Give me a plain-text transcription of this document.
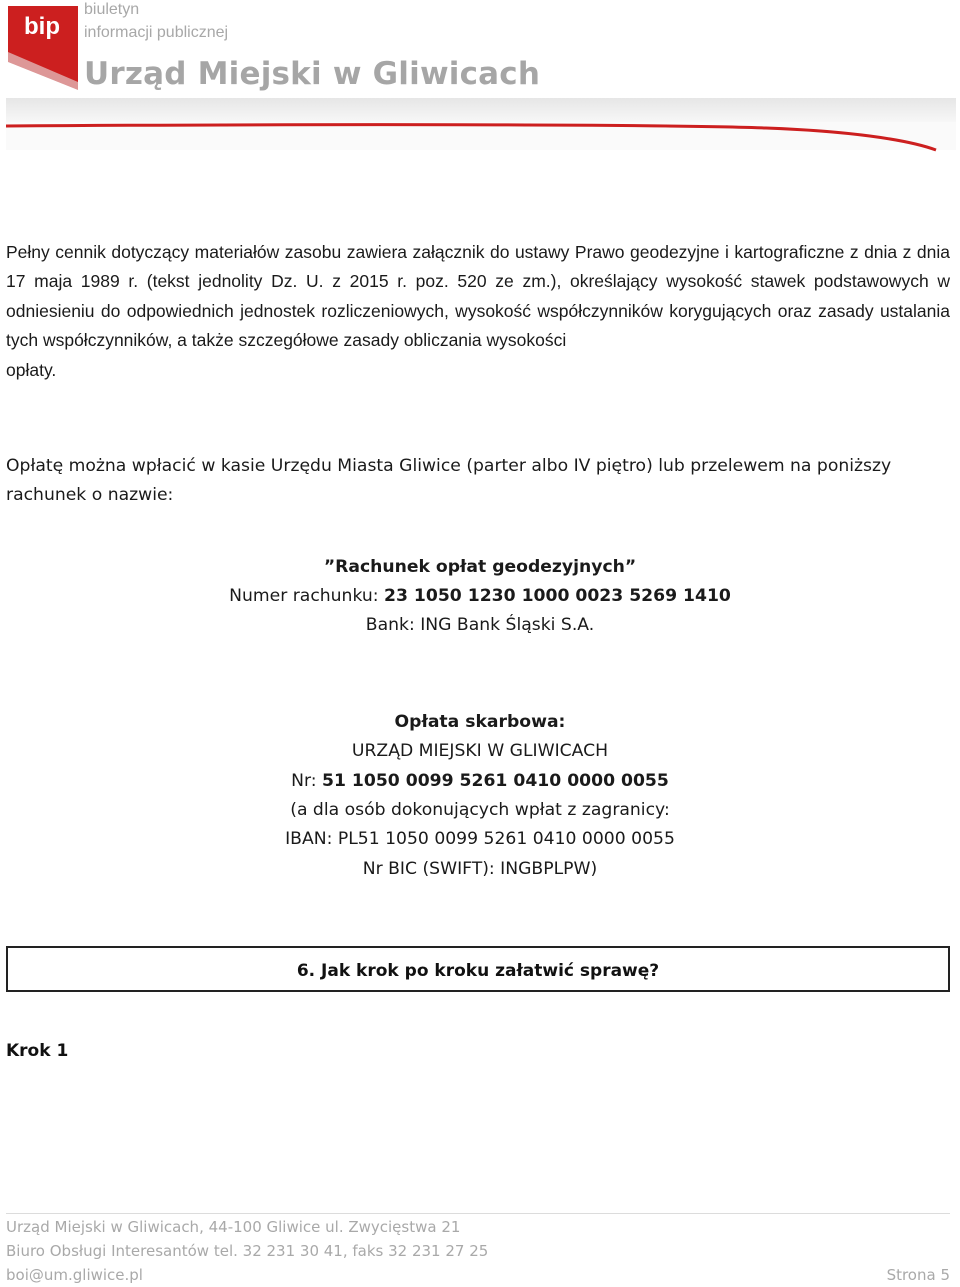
bip
biuletyn
informacji publicznej
Urząd Miejski w Gliwicach
Pełny cennik dotyczący materiałów zasobu zawiera załącznik do ustawy Prawo geodezyjne i kartograficzne z dnia z dnia 17 maja 1989 r. (tekst jednolity Dz. U. z 2015 r. poz. 520 ze zm.), określający wysokość stawek podstawowych w odniesieniu do odpowiednich jednostek rozliczeniowych, wysokość współczynników korygujących oraz zasady ustalania tych współczynników, a także szczegółowe zasady obliczania wysokości
opłaty.
Opłatę można wpłacić w kasie Urzędu Miasta Gliwice (parter albo IV piętro) lub przelewem na poniższy
rachunek o nazwie:
”Rachunek opłat geodezyjnych”
Numer rachunku: 23 1050 1230 1000 0023 5269 1410
Bank: ING Bank Śląski S.A.
Opłata skarbowa:
URZĄD MIEJSKI W GLIWICACH
Nr: 51 1050 0099 5261 0410 0000 0055
(a dla osób dokonujących wpłat z zagranicy:
IBAN: PL51 1050 0099 5261 0410 0000 0055
Nr BIC (SWIFT): INGBPLPW)
6. Jak krok po kroku załatwić sprawę?
Krok 1
Urząd Miejski w Gliwicach, 44-100 Gliwice ul. Zwycięstwa 21
Biuro Obsługi Interesantów tel. 32 231 30 41, faks 32 231 27 25
boi@um.gliwice.pl	Strona 5
